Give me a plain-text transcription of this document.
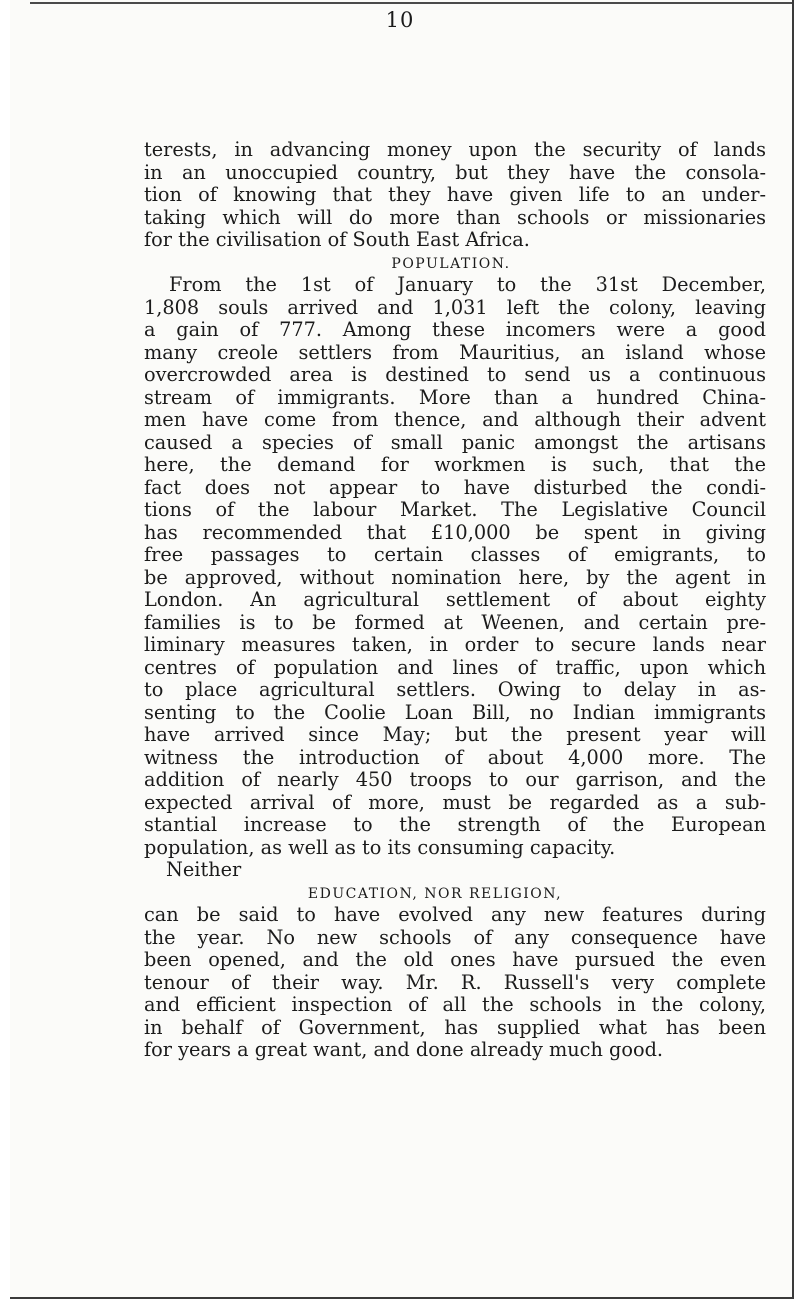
10
terests, in advancing money upon the security of lands
in an unoccupied country, but they have the consola-
tion of knowing that they have given life to an under-
taking which will do more than schools or missionaries
for the civilisation of South East Africa.
POPULATION.
From the 1st of January to the 31st December,
1,808 souls arrived and 1,031 left the colony, leaving
a gain of 777. Among these incomers were a good
many creole settlers from Mauritius, an island whose
overcrowded area is destined to send us a continuous
stream of immigrants. More than a hundred China-
men have come from thence, and although their advent
caused a species of small panic amongst the artisans
here, the demand for workmen is such, that the
fact does not appear to have disturbed the condi-
tions of the labour Market. The Legislative Council
has recommended that £10,000 be spent in giving
free passages to certain classes of emigrants, to
be approved, without nomination here, by the agent in
London. An agricultural settlement of about eighty
families is to be formed at Weenen, and certain pre-
liminary measures taken, in order to secure lands near
centres of population and lines of traffic, upon which
to place agricultural settlers. Owing to delay in as-
senting to the Coolie Loan Bill, no Indian immigrants
have arrived since May; but the present year will
witness the introduction of about 4,000 more. The
addition of nearly 450 troops to our garrison, and the
expected arrival of more, must be regarded as a sub-
stantial increase to the strength of the European
population, as well as to its consuming capacity.
Neither
EDUCATION, NOR RELIGION,
can be said to have evolved any new features during
the year. No new schools of any consequence have
been opened, and the old ones have pursued the even
tenour of their way. Mr. R. Russell's very complete
and efficient inspection of all the schools in the colony,
in behalf of Government, has supplied what has been
for years a great want, and done already much good.
